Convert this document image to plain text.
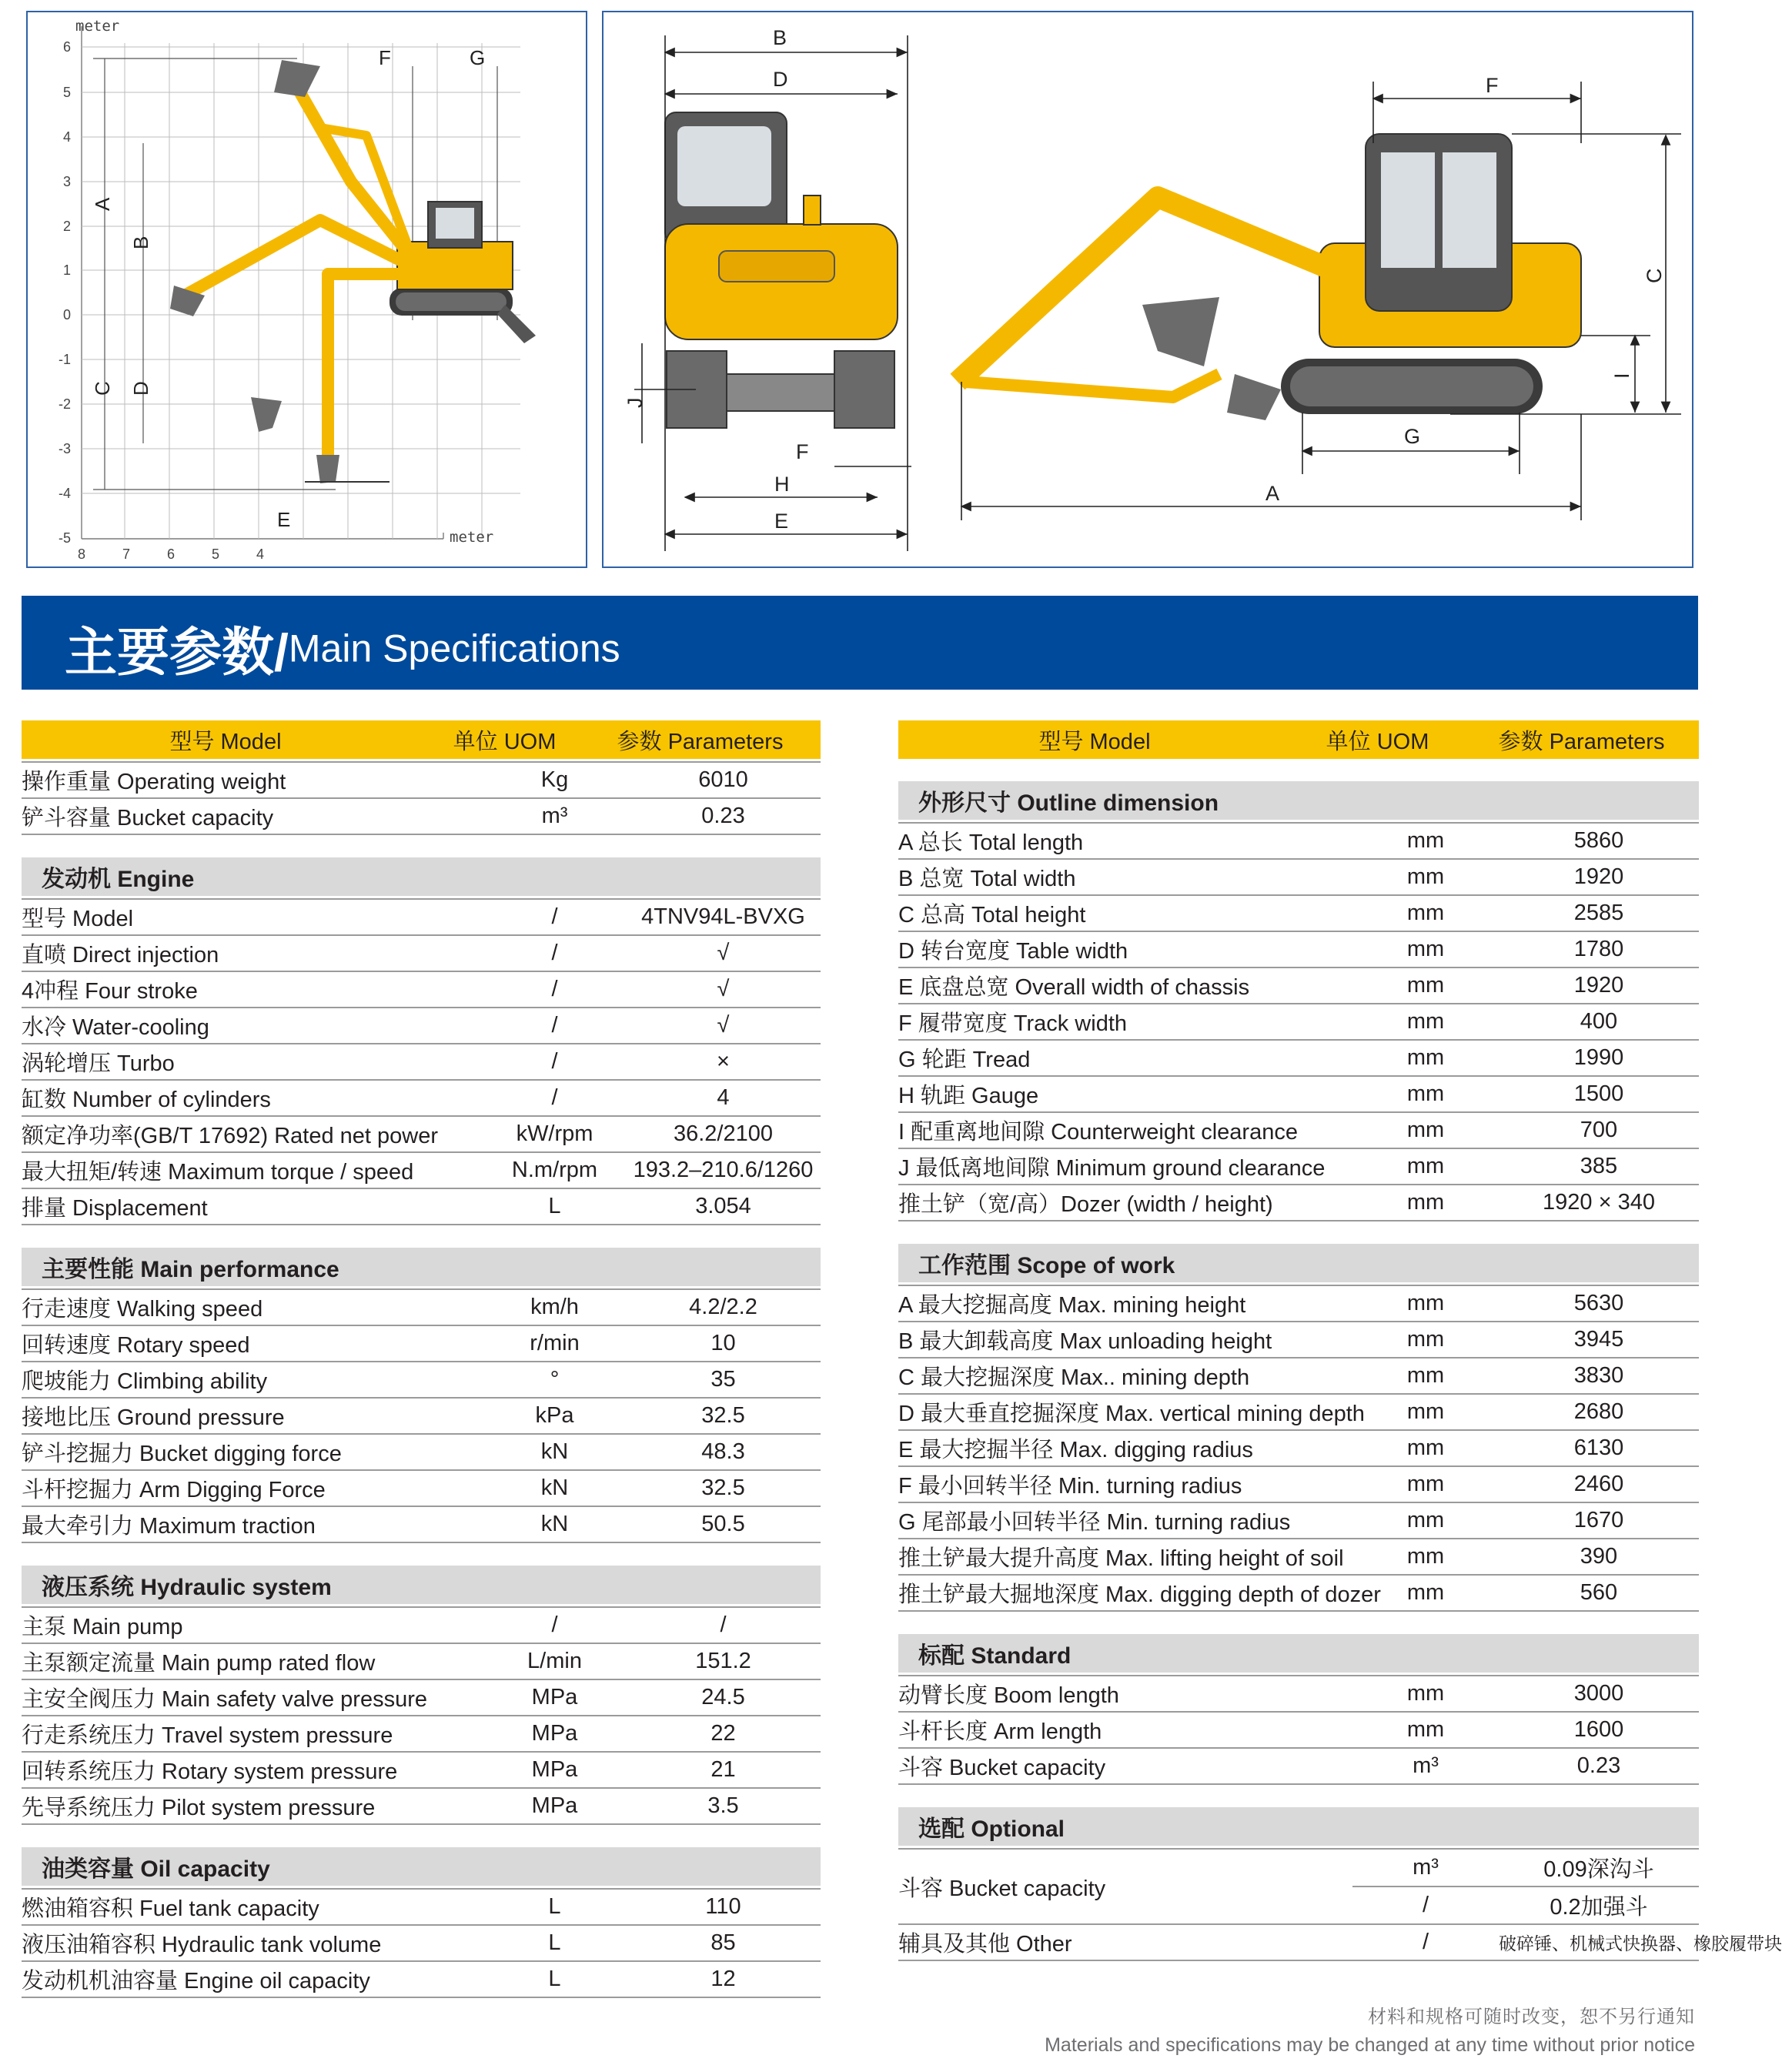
6
5
4
3
2
1
0
-1
-2
-3
-4
-5
8	7	6	5	4
meter
meter
A
B
C D
E
F	G
B
D
J
F
H
E
F
C
I
G
A
主要参数/Main Specifications
型号 Model	单位 UOM	参数 Parameters
操作重量 Operating weight	Kg	6010
铲斗容量 Bucket capacity	m³	0.23
发动机 Engine
型号 Model	/	4TNV94L-BVXG
直喷 Direct injection	/	√
4冲程 Four stroke	/	√
水冷 Water-cooling	/	√
涡轮增压 Turbo	/	×
缸数 Number of cylinders	/	4
额定净功率(GB/T 17692) Rated net power	kW/rpm	36.2/2100
最大扭矩/转速 Maximum torque / speed	N.m/rpm	193.2–210.6/1260
排量 Displacement	L	3.054
主要性能 Main performance
行走速度 Walking speed	km/h	4.2/2.2
回转速度 Rotary speed	r/min	10
爬坡能力 Climbing ability	°	35
接地比压 Ground pressure	kPa	32.5
铲斗挖掘力 Bucket digging force	kN	48.3
斗杆挖掘力 Arm Digging Force	kN	32.5
最大牵引力 Maximum traction	kN	50.5
液压系统 Hydraulic system
主泵 Main pump	/	/
主泵额定流量 Main pump rated flow	L/min	151.2
主安全阀压力 Main safety valve pressure	MPa	24.5
行走系统压力 Travel system pressure	MPa	22
回转系统压力 Rotary system pressure	MPa	21
先导系统压力 Pilot system pressure	MPa	3.5
油类容量 Oil capacity
燃油箱容积 Fuel tank capacity	L	110
液压油箱容积 Hydraulic tank volume	L	85
发动机机油容量 Engine oil capacity	L	12
型号 Model	单位 UOM	参数 Parameters
外形尺寸 Outline dimension
A 总长 Total length	mm	5860
B 总宽 Total width	mm	1920
C 总高 Total height	mm	2585
D 转台宽度 Table width	mm	1780
E 底盘总宽 Overall width of chassis	mm	1920
F 履带宽度 Track width	mm	400
G 轮距 Tread	mm	1990
H 轨距 Gauge	mm	1500
I 配重离地间隙 Counterweight clearance	mm	700
J 最低离地间隙 Minimum ground clearance	mm	385
推土铲（宽/高）Dozer (width / height)	mm	1920 × 340
工作范围 Scope of work
A 最大挖掘高度 Max. mining height	mm	5630
B 最大卸载高度 Max unloading height	mm	3945
C 最大挖掘深度 Max.. mining depth	mm	3830
D 最大垂直挖掘深度 Max. vertical mining depth	mm	2680
E 最大挖掘半径 Max. digging radius	mm	6130
F 最小回转半径 Min. turning radius	mm	2460
G 尾部最小回转半径 Min. turning radius	mm	1670
推土铲最大提升高度 Max. lifting height of soil	mm	390
推土铲最大掘地深度 Max. digging depth of dozer	mm	560
标配 Standard
动臂长度 Boom length	mm	3000
斗杆长度 Arm length	mm	1600
斗容 Bucket capacity	m³	0.23
选配 Optional
斗容 Bucket capacity
m³	0.09深沟斗
/	0.2加强斗
辅具及其他 Other	/	破碎锤、机械式快换器、橡胶履带块
材料和规格可随时改变，恕不另行通知
Materials and specifications may be changed at any time without prior notice
